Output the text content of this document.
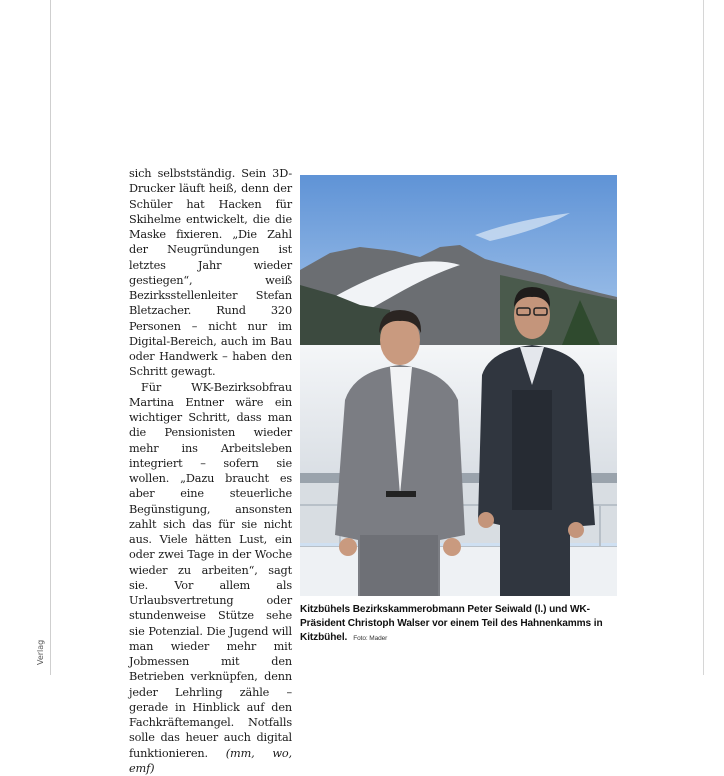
Verlag

sich selbstständig. Sein 3D-Drucker läuft heiß, denn der Schüler hat Hacken für Skihelme entwickelt, die die Maske fixieren. „Die Zahl der Neugründungen ist letztes Jahr wieder gestiegen“, weiß Bezirksstellenleiter Stefan Bletzacher. Rund 320 Personen – nicht nur im Digital-Bereich, auch im Bau oder Handwerk – haben den Schritt gewagt.

Für WK-Bezirksobfrau Martina Entner wäre ein wichtiger Schritt, dass man die Pensionisten wieder mehr ins Arbeitsleben integriert – sofern sie wollen. „Dazu braucht es aber eine steuerliche Begünstigung, ansonsten zahlt sich das für sie nicht aus. Viele hätten Lust, ein oder zwei Tage in der Woche wieder zu arbeiten“, sagt sie. Vor allem als Urlaubsvertretung oder stundenweise Stütze sehe sie Potenzial. Die Jugend will man wieder mehr mit Jobmessen mit den Betrieben verknüpfen, denn jeder Lehrling zähle – gerade in Hinblick auf den Fachkräftemangel. Notfalls solle das heuer auch digital funktionieren. (mm, wo, emf)

Kitzbühels Bezirkskammerobmann Peter Seiwald (l.) und WK-Präsident Christoph Walser vor einem Teil des Hahnenkamms in Kitzbühel. Foto: Mader
